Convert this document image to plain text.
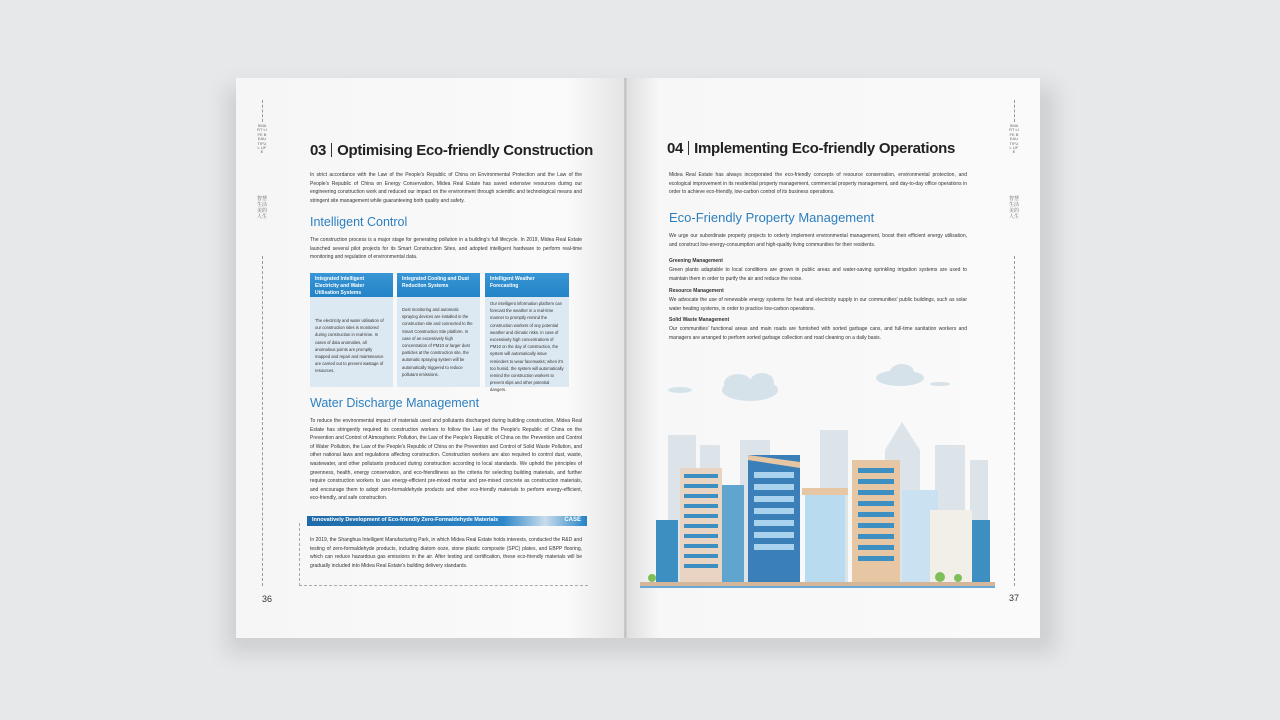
SMART LIFE BEAUTIFUL LIFE
智慧生活美的人生
36
SMART LIFE BEAUTIFUL LIFE
智慧生活美的人生
37
03 Optimising Eco-friendly Construction
In strict accordance with the Law of the People's Republic of China on Environmental Protection and the Law of the People's Republic of China on Energy Conservation, Midea Real Estate has saved extensive resources during our engineering construction work and reduced our impact on the environment through scientific and technological means and stringent site management while guaranteeing both quality and safety.
Intelligent Control
The construction process is a major stage for generating pollution in a building's full lifecycle. In 2019, Midea Real Estate launched several pilot projects for its Smart Construction Sites, and adopted intelligent hardware to perform real-time monitoring and regulation of environmental data.
Integrated Intelligent Electricity and Water Utilisation Systems
The electricity and water utilisation of our construction sites is monitored during construction in real-time. In cases of data anomalies, all anomalous points are promptly mapped and repair and maintenance are carried out to prevent wastage of resources.
Integrated Cooling and Dust Reduction Systems
Dust monitoring and automatic spraying devices are installed in the construction site and connected to the Smart Construction Site platform. In case of an excessively high concentration of PM10 or larger dust particles at the construction site, the automatic spraying system will be automatically triggered to reduce pollutant emissions.
Intelligent Weather Forecasting
Our intelligent information platform can forecast the weather in a real-time manner to promptly remind the construction workers of any potential weather and climatic risks. In case of excessively high concentrations of PM10 on the day of construction, the system will automatically issue reminders to wear facemasks; when it's too humid, the system will automatically remind the construction workers to prevent slips and other potential dangers.
Water Discharge Management
To reduce the environmental impact of materials used and pollutants discharged during building construction, Midea Real Estate has stringently required its construction workers to follow the Law of the People's Republic of China on the Prevention and Control of Atmospheric Pollution, the Law of the People's Republic of China on the Prevention and Control of Water Pollution, the Law of the People's Republic of China on the Prevention and Control of Solid Waste Pollution, and other national laws and regulations affecting construction. Construction workers are also required to control dust, waste, wastewater, and other pollutants produced during construction according to local standards. We uphold the principles of greenness, health, energy conservation, and eco-friendliness as the criteria for selecting building materials, and further require construction workers to use energy-efficient pre-mixed mortar and pre-mixed concrete as construction materials, and encourage them to adopt zero-formaldehyde products and other eco-friendly materials to perform energy-efficient, eco-friendly, and safe construction.
Innovatively Development of Eco-friendly Zero-Formaldehyde Materials	CASE
In 2019, the Shanghua Intelligent Manufacturing Park, in which Midea Real Estate holds interests, conducted the R&D and testing of zero-formaldehyde products, including diatom ooze, stone plastic composite (SPC) plates, and EBPP flooring, which can reduce hazardous gas emissions in the air. After testing and certification, these eco-friendly materials will be gradually included into Midea Real Estate's building delivery standards.
04 Implementing Eco-friendly Operations
Midea Real Estate has always incorporated the eco-friendly concepts of resource conservation, environmental protection, and ecological improvement in its residential property management, commercial property management, and day-to-day office operations in order to achieve eco-friendly, low-carbon control of its business operations.
Eco-Friendly Property Management
We urge our subordinate property projects to orderly implement environmental management, boost their efficient energy utilisation, and construct low-energy-consumption and high-quality living communities for their residents.
Greening Management
Green plants adaptable to local conditions are grown in public areas and water-saving sprinkling irrigation systems are used to maintain them in order to purify the air and reduce the noise.
Resource Management
We advocate the use of renewable energy systems for heat and electricity supply in our communities' public buildings, such as solar water heating systems, in order to practice low-carbon operations.
Solid Waste Management
Our communities' functional areas and main roads are furnished with sorted garbage cans, and full-time sanitation workers and managers are arranged to perform sorted garbage collection and road cleaning on a daily basis.
